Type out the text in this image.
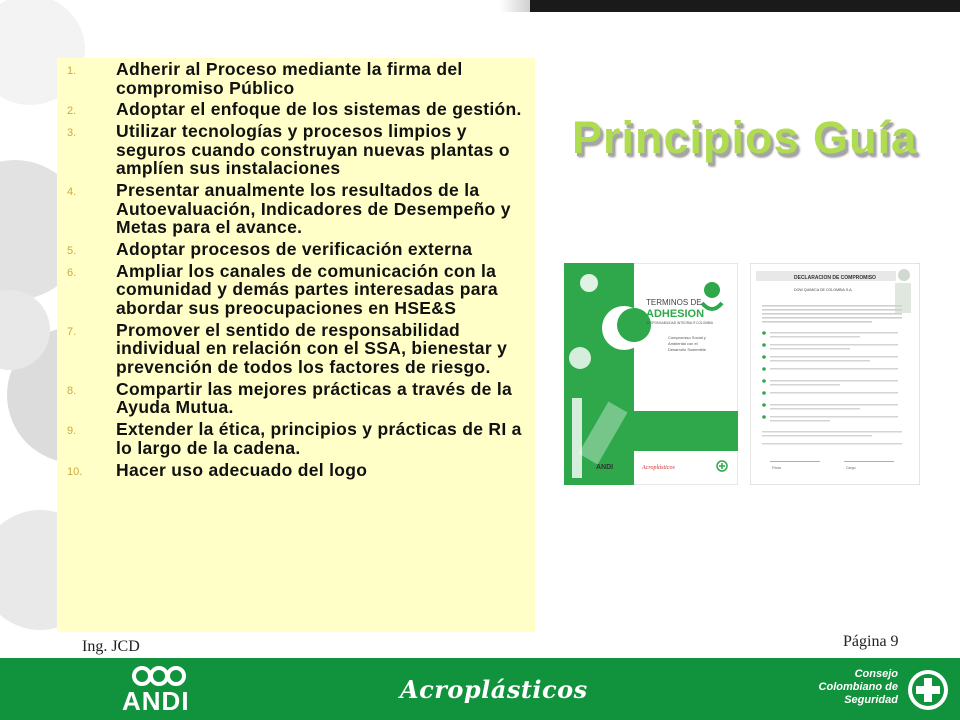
1. Adherir al Proceso mediante la firma del compromiso Público
2. Adoptar el enfoque de los sistemas de gestión.
3. Utilizar tecnologías y procesos limpios y seguros cuando construyan nuevas plantas o amplíen sus instalaciones
4. Presentar anualmente los resultados de la Autoevaluación, Indicadores de Desempeño y Metas para el avance.
5. Adoptar procesos de verificación externa
6. Ampliar los canales de comunicación con la comunidad y demás partes interesadas para abordar sus preocupaciones en HSE&S
7. Promover el sentido de responsabilidad individual en relación con el SSA, bienestar y prevención de todos los factores de riesgo.
8. Compartir las mejores prácticas a través de la Ayuda Mutua.
9. Extender la ética, principios y prácticas de RI a lo largo de la cadena.
10. Hacer uso adecuado del logo
Principios Guía
TERMINOS DE
ADHESION
RESPONSABILIDAD INTEGRAL® COLOMBIA
Compromiso Social y
Ambiental con el
Desarrollo Sostenible
ANDI	Acroplásticos
DECLARACION DE COMPROMISO
DOW QUIMICA DE COLOMBIA S.A.
Firma	Cargo
Ing. JCD	Página 9
ANDI	Acroplásticos
Consejo
Colombiano de
Seguridad
